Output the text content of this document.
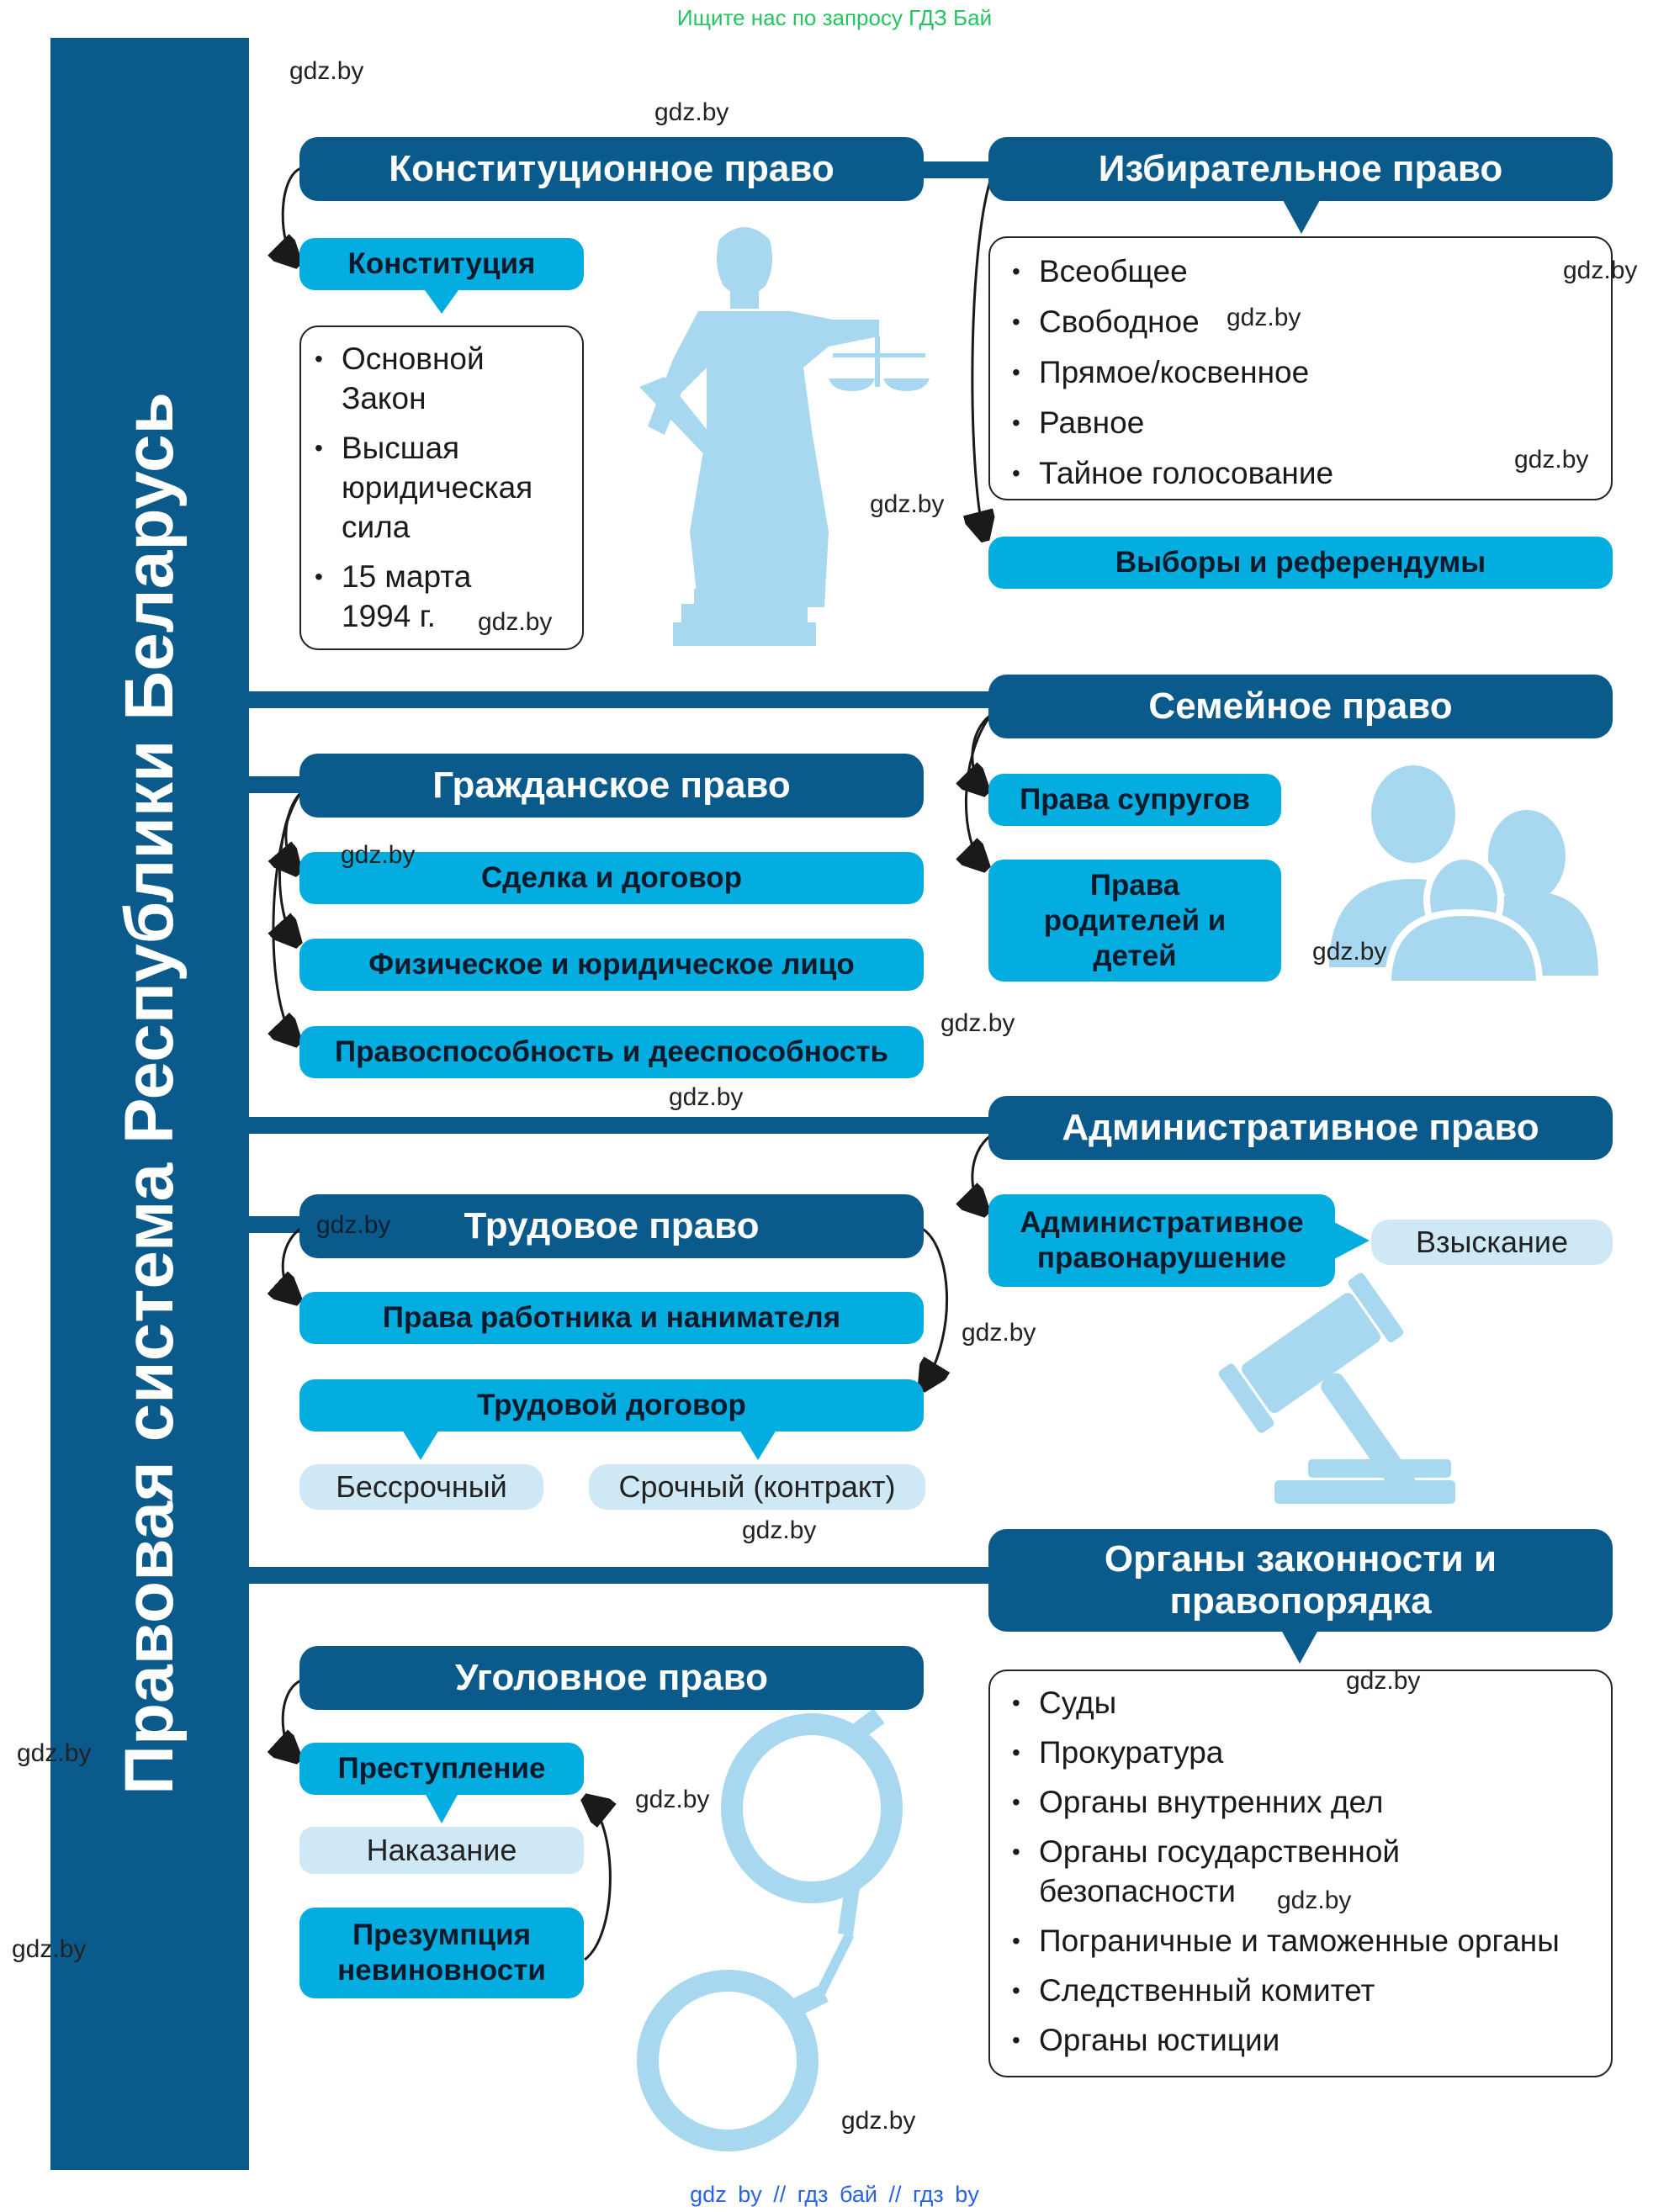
Ищите нас по запросу ГДЗ Бай
gdz by // гдз бай // гдз by
Правовая система Республики Беларусь
Конституционное право
Конституция
• Основной Закон
• Высшая юридическая сила
• 15 марта 1994 г.
Избирательное право
• Всеобщее
• Свободное
• Прямое/косвенное
• Равное
• Тайное голосование
Выборы и референдумы
Семейное право
Права супругов
Права родителей и детей
Гражданское право
Сделка и договор
Физическое и юридическое лицо
Правоспособность и дееспособность
Административное право
Административное правонарушение	Взыскание
Трудовое право
Права работника и нанимателя
Трудовой договор
Бессрочный	Срочный (контракт)
Органы законности и правопорядка
• Суды
• Прокуратура
• Органы внутренних дел
• Органы государственной безопасности
• Пограничные и таможенные органы
• Следственный комитет
• Органы юстиции
Уголовное право
Преступление
Наказание
Презумпция невиновности
gdz.by
gdz.by
gdz.by
gdz.by
gdz.by
gdz.by
gdz.by
gdz.by
gdz.by
gdz.by
gdz.by
gdz.by
gdz.by
gdz.by
gdz.by
gdz.by
gdz.by
gdz.by
gdz.by
gdz.by
